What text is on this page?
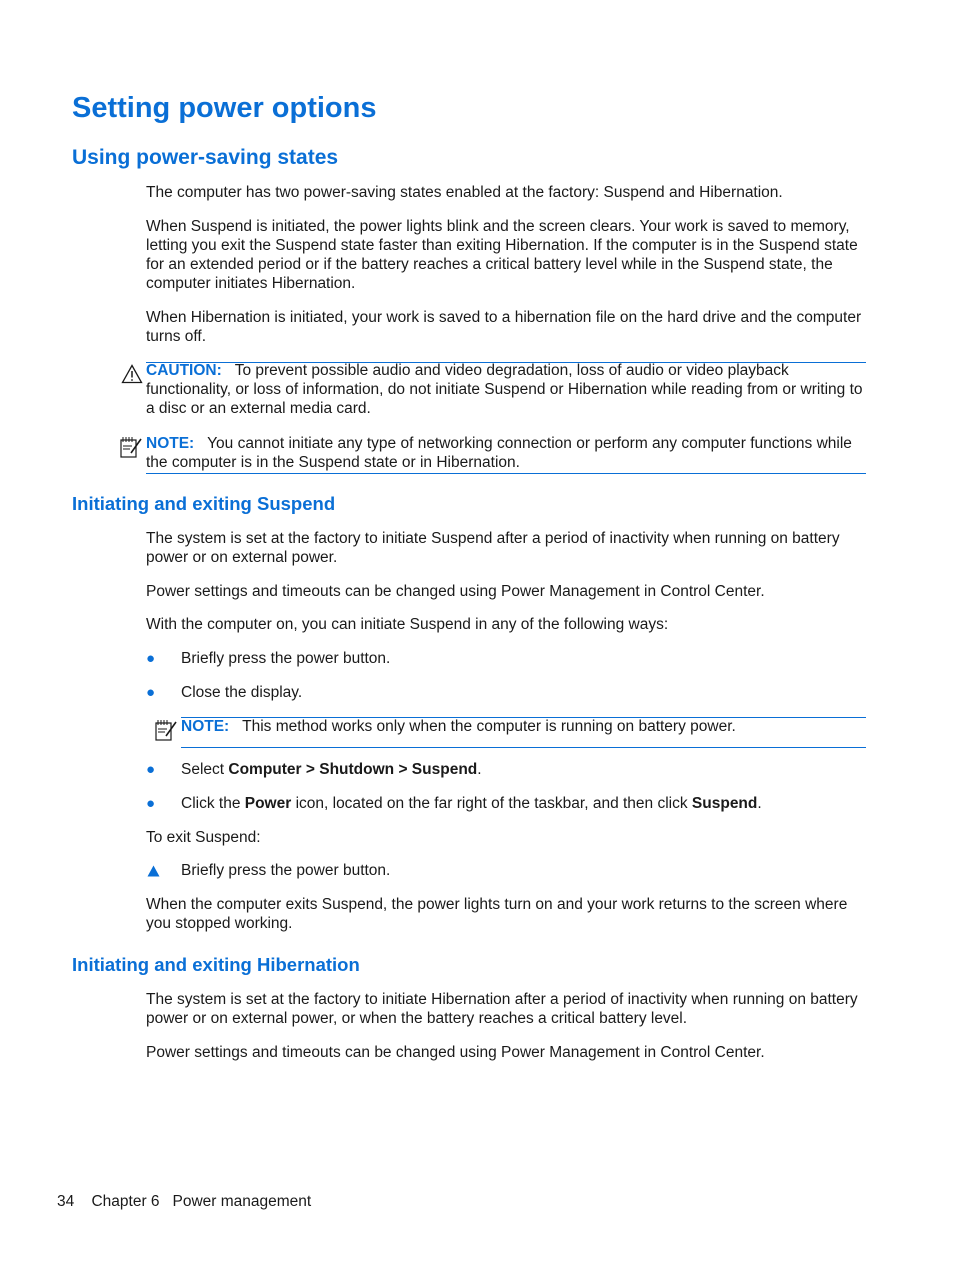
Setting power options
Using power-saving states
The computer has two power-saving states enabled at the factory: Suspend and Hibernation.
When Suspend is initiated, the power lights blink and the screen clears. Your work is saved to memory, letting you exit the Suspend state faster than exiting Hibernation. If the computer is in the Suspend state for an extended period or if the battery reaches a critical battery level while in the Suspend state, the computer initiates Hibernation.
When Hibernation is initiated, your work is saved to a hibernation file on the hard drive and the computer turns off.
CAUTION: To prevent possible audio and video degradation, loss of audio or video playback functionality, or loss of information, do not initiate Suspend or Hibernation while reading from or writing to a disc or an external media card.
NOTE: You cannot initiate any type of networking connection or perform any computer functions while the computer is in the Suspend state or in Hibernation.
Initiating and exiting Suspend
The system is set at the factory to initiate Suspend after a period of inactivity when running on battery power or on external power.
Power settings and timeouts can be changed using Power Management in Control Center.
With the computer on, you can initiate Suspend in any of the following ways:
● Briefly press the power button.
● Close the display.
NOTE: This method works only when the computer is running on battery power.
● Select Computer > Shutdown > Suspend.
● Click the Power icon, located on the far right of the taskbar, and then click Suspend.
To exit Suspend:
Briefly press the power button.
When the computer exits Suspend, the power lights turn on and your work returns to the screen where you stopped working.
Initiating and exiting Hibernation
The system is set at the factory to initiate Hibernation after a period of inactivity when running on battery power or on external power, or when the battery reaches a critical battery level.
Power settings and timeouts can be changed using Power Management in Control Center.
34 Chapter 6 Power management
